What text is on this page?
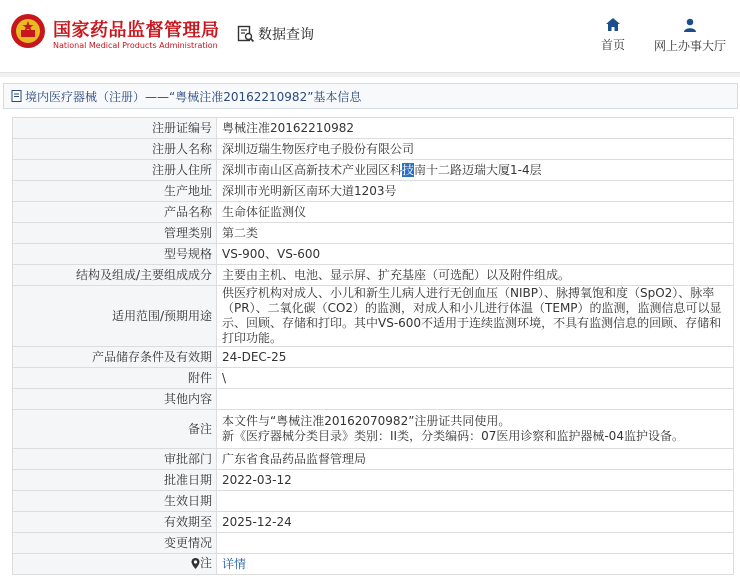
国家药品监督管理局
National Medical Products Administration
数据查询
首页 网上办事大厅
境内医疗器械（注册）——“粤械注准20162210982”基本信息
注册证编号	粤械注准20162210982
注册人名称	深圳迈瑞生物医疗电子股份有限公司
注册人住所	深圳市南山区高新技术产业园区科技南十二路迈瑞大厦1-4层
生产地址	深圳市光明新区南环大道1203号
产品名称	生命体征监测仪
管理类别	第二类
型号规格	VS-900、VS-600
结构及组成/主要组成成分	主要由主机、电池、显示屏、扩充基座（可选配）以及附件组成。
适用范围/预期用途	供医疗机构对成人、小儿和新生儿病人进行无创血压（NIBP）、脉搏氧饱和度（SpO2）、脉率（PR）、二氧化碳（CO2）的监测，对成人和小儿进行体温（TEMP）的监测，监测信息可以显示、回顾、存储和打印。其中VS-600不适用于连续监测环境，不具有监测信息的回顾、存储和打印功能。
产品储存条件及有效期	24-DEC-25
附件	\
其他内容	
备注	本文件与“粤械注准20162070982”注册证共同使用。
新《医疗器械分类目录》类别：II类，分类编码：07医用诊察和监护器械-04监护设备。

审批部门	广东省食品药品监督管理局
批准日期	2022-03-12
生效日期	
有效期至	2025-12-24
变更情况	

注	详情
